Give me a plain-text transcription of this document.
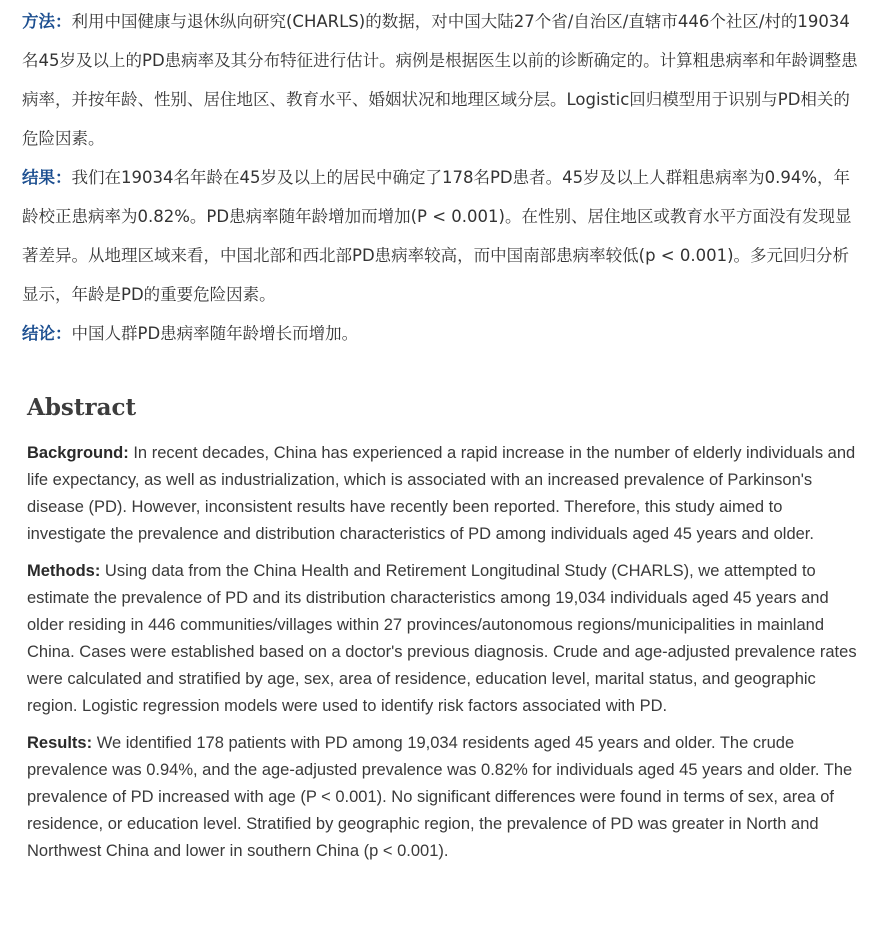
方法：利用中国健康与退休纵向研究(CHARLS)的数据，对中国大陆27个省/自治区/直辖市446个社区/村的19034名45岁及以上的PD患病率及其分布特征进行估计。病例是根据医生以前的诊断确定的。计算粗患病率和年龄调整患病率，并按年龄、性别、居住地区、教育水平、婚姻状况和地理区域分层。Logistic回归模型用于识别与PD相关的危险因素。

结果：我们在19034名年龄在45岁及以上的居民中确定了178名PD患者。45岁及以上人群粗患病率为0.94%，年龄校正患病率为0.82%。PD患病率随年龄增加而增加(P < 0.001)。在性别、居住地区或教育水平方面没有发现显著差异。从地理区域来看，中国北部和西北部PD患病率较高，而中国南部患病率较低(p < 0.001)。多元回归分析显示，年龄是PD的重要危险因素。

结论：中国人群PD患病率随年龄增长而增加。

Abstract

Background: In recent decades, China has experienced a rapid increase in the number of elderly individuals and life expectancy, as well as industrialization, which is associated with an increased prevalence of Parkinson's disease (PD). However, inconsistent results have recently been reported. Therefore, this study aimed to investigate the prevalence and distribution characteristics of PD among individuals aged 45 years and older.

Methods: Using data from the China Health and Retirement Longitudinal Study (CHARLS), we attempted to estimate the prevalence of PD and its distribution characteristics among 19,034 individuals aged 45 years and older residing in 446 communities/villages within 27 provinces/autonomous regions/municipalities in mainland China. Cases were established based on a doctor's previous diagnosis. Crude and age-adjusted prevalence rates were calculated and stratified by age, sex, area of residence, education level, marital status, and geographic region. Logistic regression models were used to identify risk factors associated with PD.

Results: We identified 178 patients with PD among 19,034 residents aged 45 years and older. The crude prevalence was 0.94%, and the age-adjusted prevalence was 0.82% for individuals aged 45 years and older. The prevalence of PD increased with age (P < 0.001). No significant differences were found in terms of sex, area of residence, or education level. Stratified by geographic region, the prevalence of PD was greater in North and Northwest China and lower in southern China (p < 0.001).
